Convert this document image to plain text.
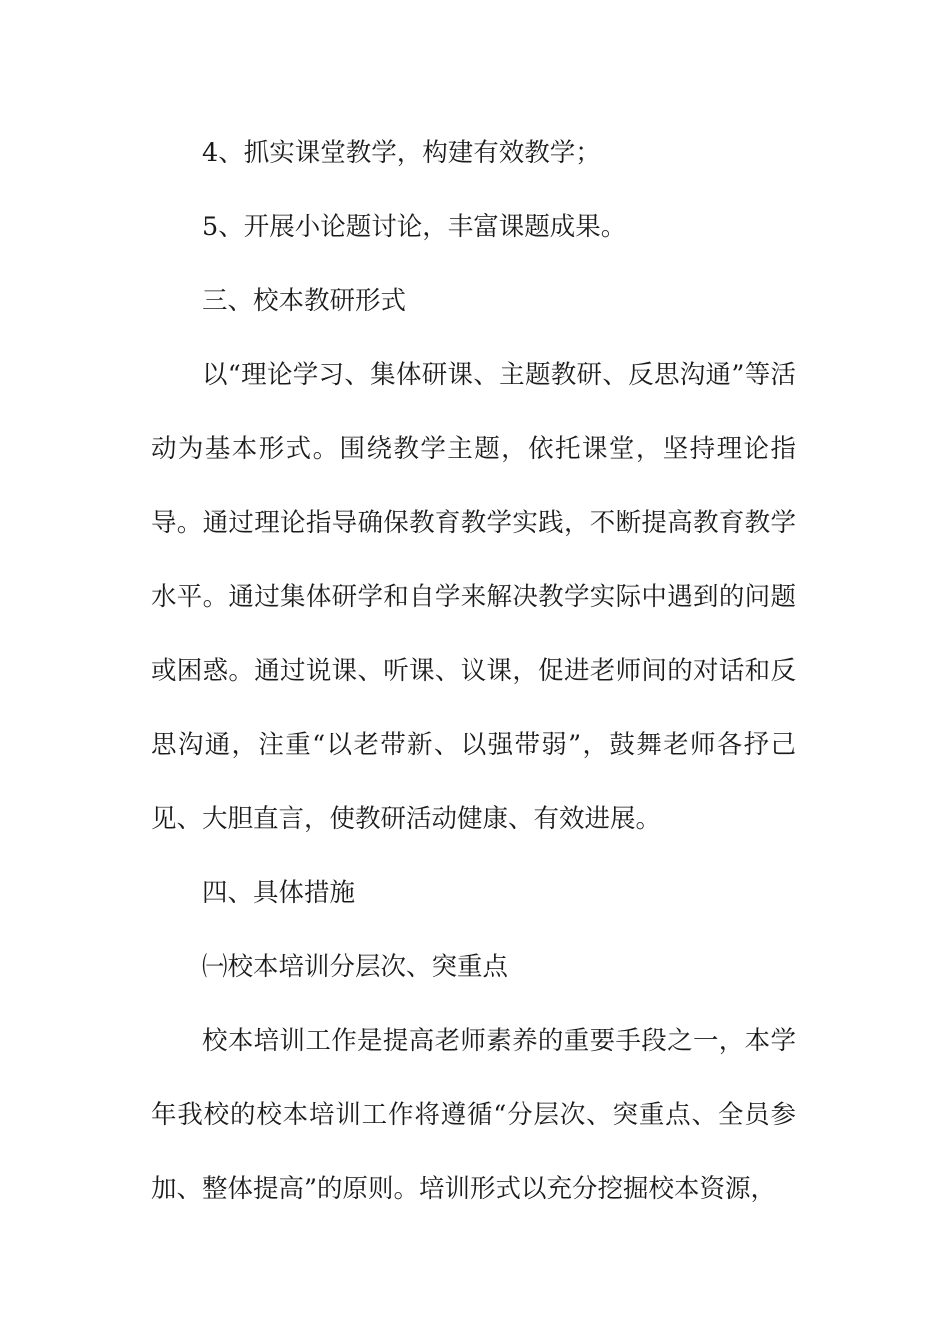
4、抓实课堂教学，构建有效教学；

5、开展小论题讨论，丰富课题成果。

三、校本教研形式

以“理论学习、集体研课、主题教研、反思沟通”等活动为基本形式。围绕教学主题，依托课堂，坚持理论指导。通过理论指导确保教育教学实践，不断提高教育教学水平。通过集体研学和自学来解决教学实际中遇到的问题或困惑。通过说课、听课、议课，促进老师间的对话和反思沟通，注重“以老带新、以强带弱”，鼓舞老师各抒己见、大胆直言，使教研活动健康、有效进展。

四、具体措施

㈠校本培训分层次、突重点

校本培训工作是提高老师素养的重要手段之一，本学年我校的校本培训工作将遵循“分层次、突重点、全员参加、整体提高”的原则。培训形式以充分挖掘校本资源，
